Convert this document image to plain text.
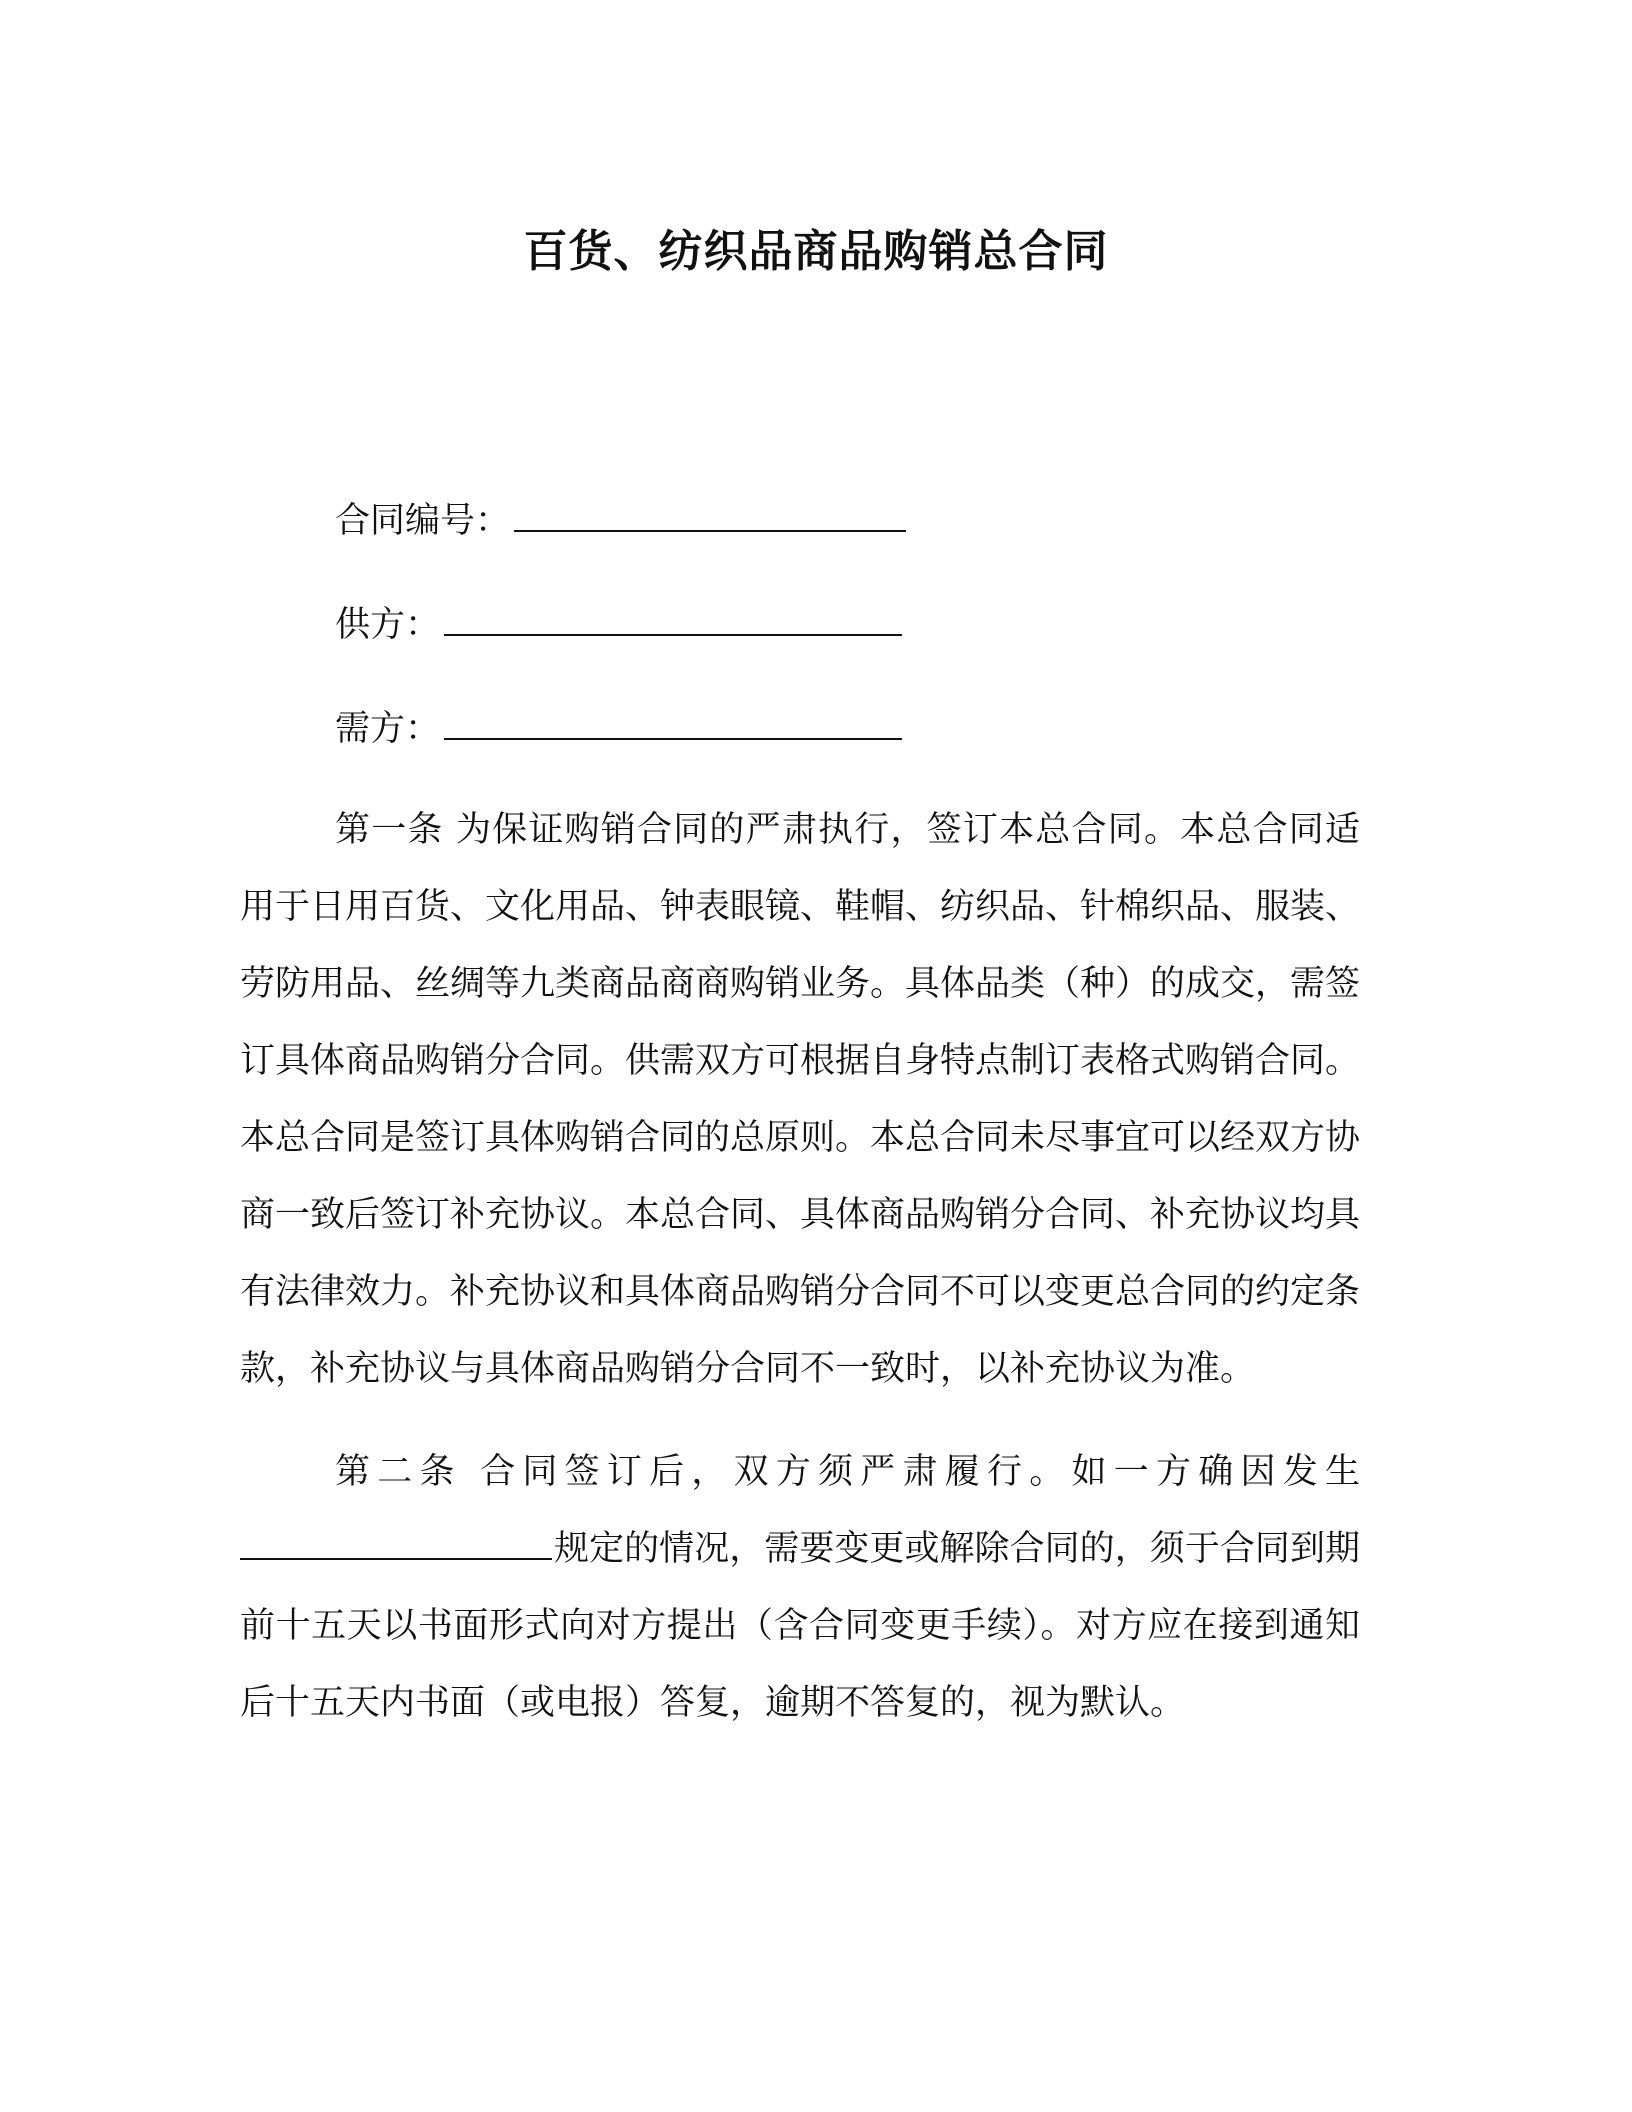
百货、纺织品商品购销总合同
合同编号：
供方：
需方：

第一条 为保证购销合同的严肃执行，签订本总合同。本总合同适用于日用百货、文化用品、钟表眼镜、鞋帽、纺织品、针棉织品、服装、劳防用品、丝绸等九类商品商商购销业务。具体品类（种）的成交，需签订具体商品购销分合同。供需双方可根据自身特点制订表格式购销合同。本总合同是签订具体购销合同的总原则。本总合同未尽事宜可以经双方协商一致后签订补充协议。本总合同、具体商品购销分合同、补充协议均具有法律效力。补充协议和具体商品购销分合同不可以变更总合同的约定条款，补充协议与具体商品购销分合同不一致时，以补充协议为准。

第二条 合同签订后，双方须严肃履行。如一方确因发生规定的情况，需要变更或解除合同的，须于合同到期前十五天以书面形式向对方提出（含合同变更手续）。对方应在接到通知后十五天内书面（或电报）答复，逾期不答复的，视为默认。
